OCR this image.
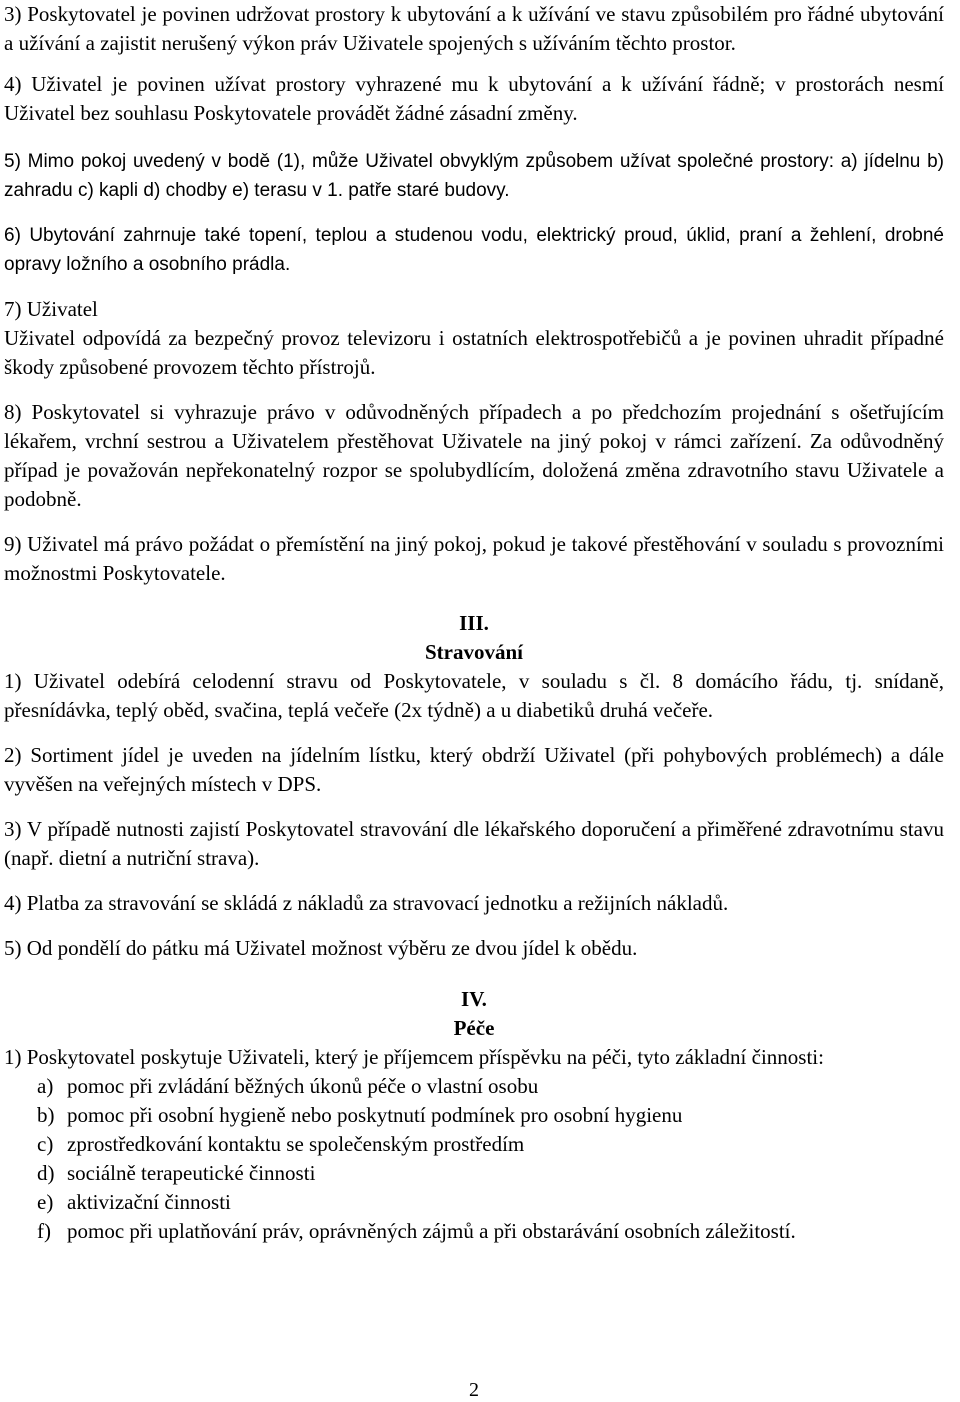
3) Poskytovatel je povinen udržovat prostory k ubytování a k užívání ve stavu způsobilém pro řádné ubytování a užívání a zajistit nerušený výkon práv Uživatele spojených s užíváním těchto prostor.

4) Uživatel je povinen užívat prostory vyhrazené mu k ubytování a k užívání řádně; v prostorách nesmí Uživatel bez souhlasu Poskytovatele provádět žádné zásadní změny.

5) Mimo pokoj uvedený v bodě (1), může Uživatel obvyklým způsobem užívat společné prostory: a) jídelnu b) zahradu c) kapli d) chodby e) terasu v 1. patře staré budovy.

6) Ubytování zahrnuje také topení, teplou a studenou vodu, elektrický proud, úklid, praní a žehlení, drobné opravy ložního a osobního prádla.

7) Uživatel

Uživatel odpovídá za bezpečný provoz televizoru i ostatních elektrospotřebičů a je povinen uhradit případné škody způsobené provozem těchto přístrojů.

8) Poskytovatel si vyhrazuje právo v odůvodněných případech a po předchozím projednání s ošetřujícím lékařem, vrchní sestrou a Uživatelem přestěhovat Uživatele na jiný pokoj v rámci zařízení. Za odůvodněný případ je považován nepřekonatelný rozpor se spolubydlícím, doložená změna zdravotního stavu Uživatele a podobně.

9) Uživatel má právo požádat o přemístění na jiný pokoj, pokud je takové přestěhování v souladu s provozními možnostmi Poskytovatele.

III.

Stravování

1) Uživatel odebírá celodenní stravu od Poskytovatele, v souladu s čl. 8 domácího řádu, tj. snídaně, přesnídávka, teplý oběd, svačina, teplá večeře (2x týdně) a u diabetiků druhá večeře.

2) Sortiment jídel je uveden na jídelním lístku, který obdrží Uživatel (při pohybových problémech) a dále vyvěšen na veřejných místech v DPS.

3) V případě nutnosti zajistí Poskytovatel stravování dle lékařského doporučení a přiměřené zdravotnímu stavu (např. dietní a nutriční strava).

4) Platba za stravování se skládá z nákladů za stravovací jednotku a režijních nákladů.

5) Od pondělí do pátku má Uživatel možnost výběru ze dvou jídel k obědu.

IV.

Péče

1) Poskytovatel poskytuje Uživateli, který je příjemcem příspěvku na péči, tyto základní činnosti:

a) pomoc při zvládání běžných úkonů péče o vlastní osobu
b) pomoc při osobní hygieně nebo poskytnutí podmínek pro osobní hygienu
c) zprostředkování kontaktu se společenským prostředím
d) sociálně terapeutické činnosti
e) aktivizační činnosti
f) pomoc při uplatňování práv, oprávněných zájmů a při obstarávání osobních záležitostí.
2
